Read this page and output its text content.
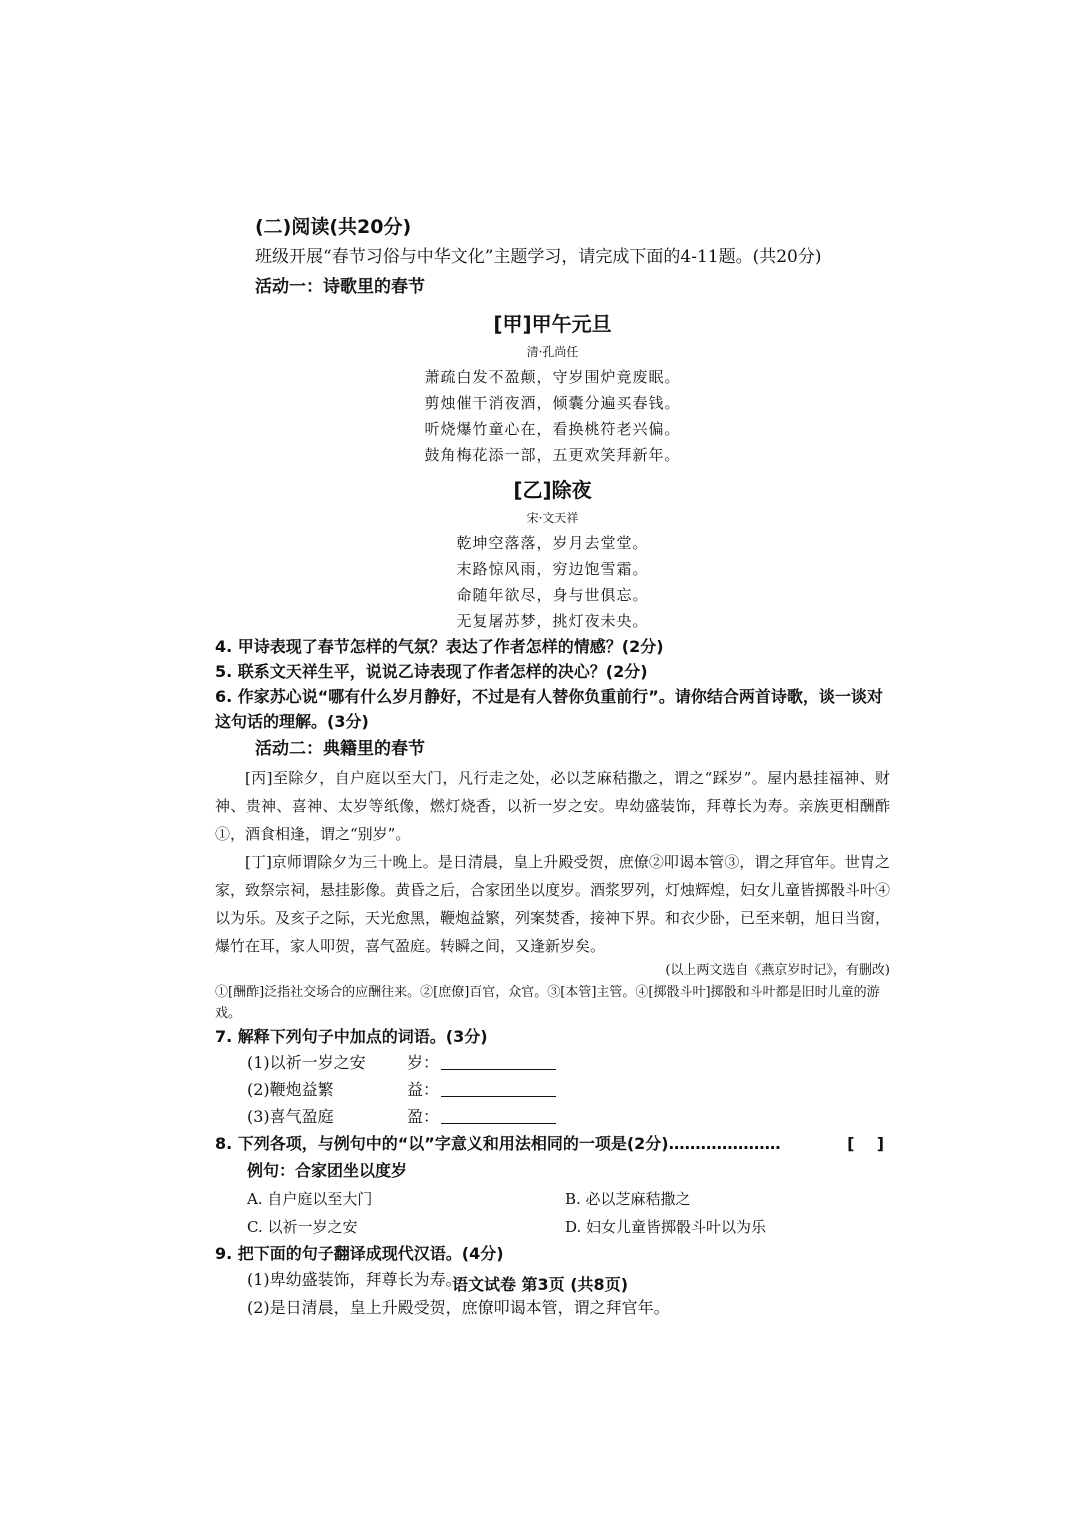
(二)阅读(共20分)
班级开展“春节习俗与中华文化”主题学习，请完成下面的4-11题。(共20分)
活动一：诗歌里的春节
[甲]甲午元旦
清·孔尚任
萧疏白发不盈颠，守岁围炉竟废眠。
剪烛催干消夜酒，倾囊分遍买春钱。
听烧爆竹童心在，看换桃符老兴偏。
鼓角梅花添一部，五更欢笑拜新年。
[乙]除夜
宋·文天祥
乾坤空落落，岁月去堂堂。
末路惊风雨，穷边饱雪霜。
命随年欲尽，身与世俱忘。
无复屠苏梦，挑灯夜未央。
4. 甲诗表现了春节怎样的气氛？表达了作者怎样的情感？(2分)
5. 联系文天祥生平，说说乙诗表现了作者怎样的决心？(2分)
6. 作家苏心说“哪有什么岁月静好，不过是有人替你负重前行”。请你结合两首诗歌，谈一谈对这句话的理解。(3分)
活动二：典籍里的春节

[丙]至除夕，自户庭以至大门，凡行走之处，必以芝麻秸撒之，谓之“踩岁”。屋内悬挂福神、财神、贵神、喜神、太岁等纸像，燃灯烧香，以祈一岁之安。卑幼盛装饰，拜尊长为寿。亲族更相酬酢①，酒食相逢，谓之“别岁”。

[丁]京师谓除夕为三十晚上。是日清晨，皇上升殿受贺，庶僚②叩谒本管③，谓之拜官年。世胄之家，致祭宗祠，悬挂影像。黄昏之后，合家团坐以度岁。酒浆罗列，灯烛辉煌，妇女儿童皆掷骰斗叶④以为乐。及亥子之际，天光愈黑，鞭炮益繁，列案焚香，接神下界。和衣少卧，已至来朝，旭日当窗，爆竹在耳，家人叩贺，喜气盈庭。转瞬之间，又逢新岁矣。

(以上两文选自《燕京岁时记》，有删改)
①[酬酢]泛指社交场合的应酬往来。②[庶僚]百官，众官。③[本管]主管。④[掷骰斗叶]掷骰和斗叶都是旧时儿童的游戏。
7. 解释下列句子中加点的词语。(3分)
(1)以祈一岁之安	岁：
(2)鞭炮益繁	益：
(3)喜气盈庭	盈：
8. 下列各项，与例句中的“以”字意义和用法相同的一项是(2分)…………………	[    ]
例句：合家团坐以度岁
A. 自户庭以至大门	B. 必以芝麻秸撒之
C. 以祈一岁之安	D. 妇女儿童皆掷骰斗叶以为乐
9. 把下面的句子翻译成现代汉语。(4分)
(1)卑幼盛装饰，拜尊长为寿。
(2)是日清晨，皇上升殿受贺，庶僚叩谒本管，谓之拜官年。
语文试卷 第3页 (共8页)
